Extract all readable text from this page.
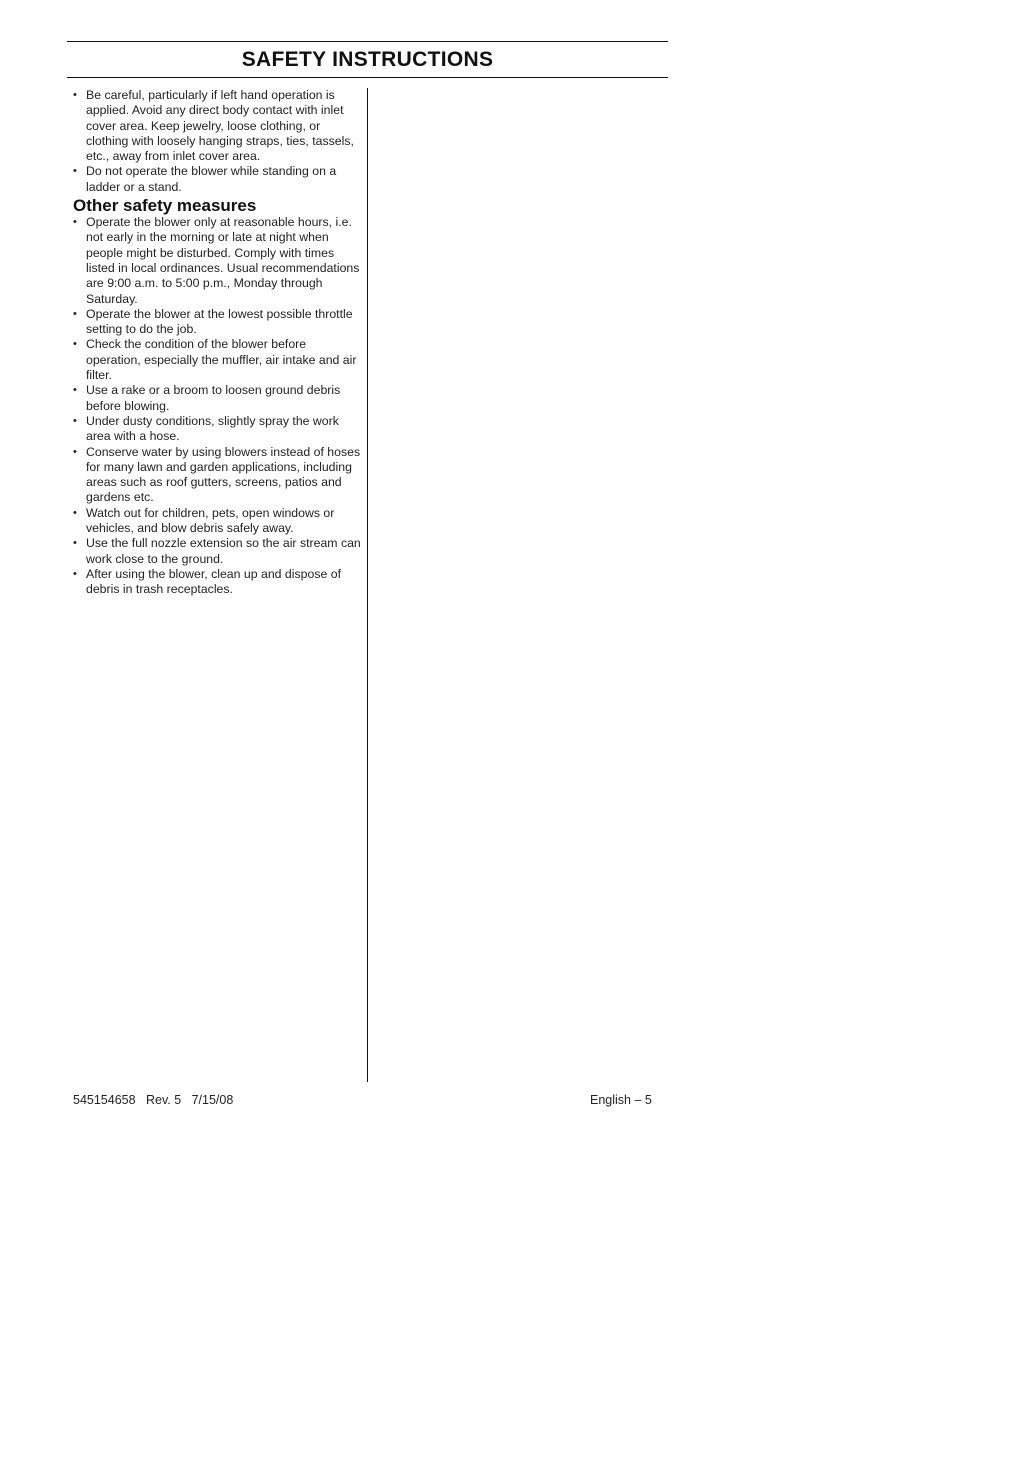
SAFETY INSTRUCTIONS
• Be careful, particularly if left hand operation is applied. Avoid any direct body contact with inlet cover area. Keep jewelry, loose clothing, or clothing with loosely hanging straps, ties, tassels, etc., away from inlet cover area.
• Do not operate the blower while standing on a ladder or a stand.
Other safety measures
• Operate the blower only at reasonable hours, i.e. not early in the morning or late at night when people might be disturbed. Comply with times listed in local ordinances. Usual recommendations are 9:00 a.m. to 5:00 p.m., Monday through Saturday.
• Operate the blower at the lowest possible throttle setting to do the job.
• Check the condition of the blower before operation, especially the muffler, air intake and air filter.
• Use a rake or a broom to loosen ground debris before blowing.
• Under dusty conditions, slightly spray the work area with a hose.
• Conserve water by using blowers instead of hoses for many lawn and garden applications, including areas such as roof gutters, screens, patios and gardens etc.
• Watch out for children, pets, open windows or vehicles, and blow debris safely away.
• Use the full nozzle extension so the air stream can work close to the ground.
• After using the blower, clean up and dispose of debris in trash receptacles.
545154658   Rev. 5   7/15/08	English – 5
